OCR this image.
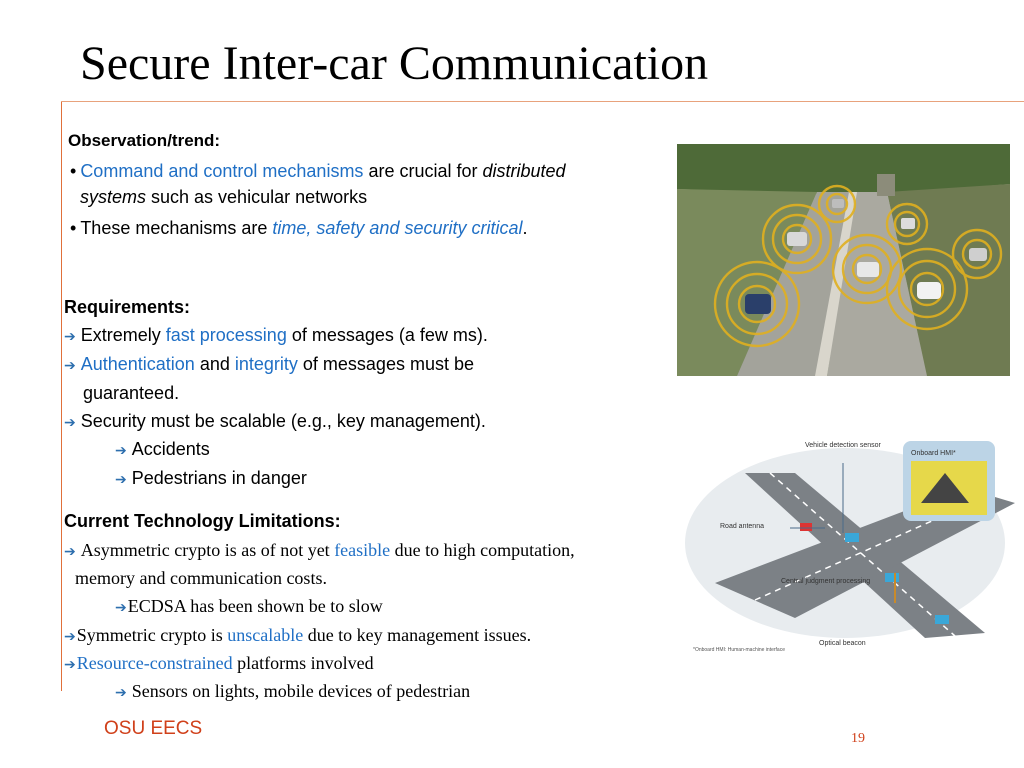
Secure Inter-car Communication
Observation/trend:
• Command and control mechanisms are crucial for distributed
systems such as vehicular networks
• These mechanisms are time, safety and security critical.
Requirements:
➔ Extremely fast processing of messages (a few ms).
➔ Authentication and integrity of messages must be
guaranteed.
➔ Security must be scalable (e.g., key management).
➔ Accidents
➔ Pedestrians in danger
Current Technology Limitations:
➔ Asymmetric crypto is as of not yet feasible due to high computation,
memory and communication costs.
➔ECDSA has been shown be to slow
➔Symmetric crypto is unscalable due to key management issues.
➔Resource-constrained platforms involved
➔ Sensors on lights, mobile devices of pedestrian
Vehicle detection sensor
Onboard HMI*
Road antenna
Central judgment processing
Optical beacon
*Onboard HMI: Human-machine interface
OSU EECS	19
